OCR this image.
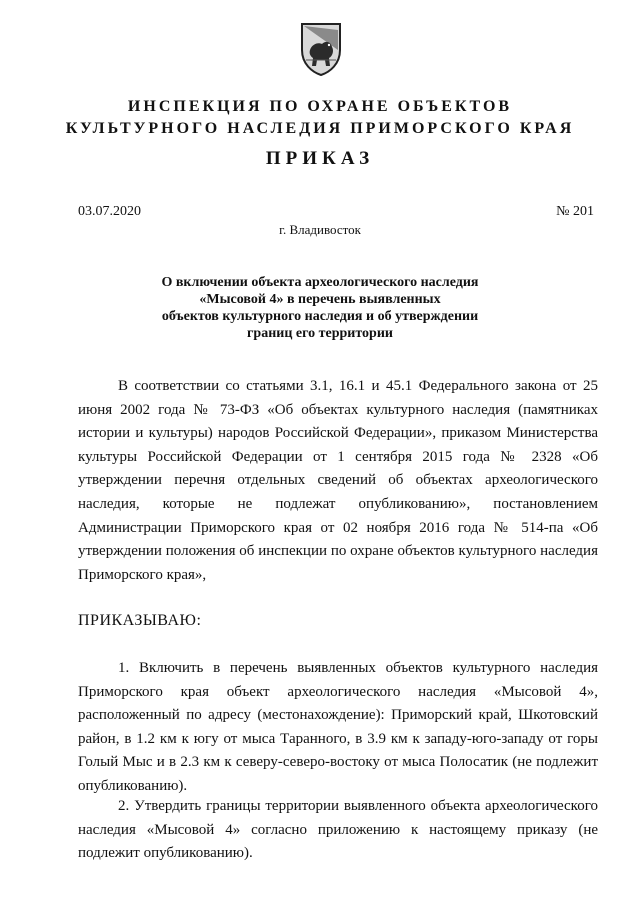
ИНСПЕКЦИЯ ПО ОХРАНЕ ОБЪЕКТОВ
КУЛЬТУРНОГО НАСЛЕДИЯ ПРИМОРСКОГО КРАЯ
ПРИКАЗ
03.07.2020	№ 201
г. Владивосток
О включении объекта археологического наследия
«Мысовой 4» в перечень выявленных
объектов культурного наследия и об утверждении
границ его территории

В соответствии со статьями 3.1, 16.1 и 45.1 Федерального закона от 25 июня 2002 года № 73-ФЗ «Об объектах культурного наследия (памятниках истории и культуры) народов Российской Федерации», приказом Министерства культуры Российской Федерации от 1 сентября 2015 года № 2328 «Об утверждении перечня отдельных сведений об объектах археологического наследия, которые не подлежат опубликованию», постановлением Администрации Приморского края от 02 ноября 2016 года № 514-па «Об утверждении положения об инспекции по охране объектов культурного наследия Приморского края»,

ПРИКАЗЫВАЮ:

1. Включить в перечень выявленных объектов культурного наследия Приморского края объект археологического наследия «Мысовой 4», расположенный по адресу (местонахождение): Приморский край, Шкотовский район, в 1.2 км к югу от мыса Таранного, в 3.9 км к западу-юго-западу от горы Голый Мыс и в 2.3 км к северу-северо-востоку от мыса Полосатик (не подлежит опубликованию).

2. Утвердить границы территории выявленного объекта археологического наследия «Мысовой 4» согласно приложению к настоящему приказу (не подлежит опубликованию).
